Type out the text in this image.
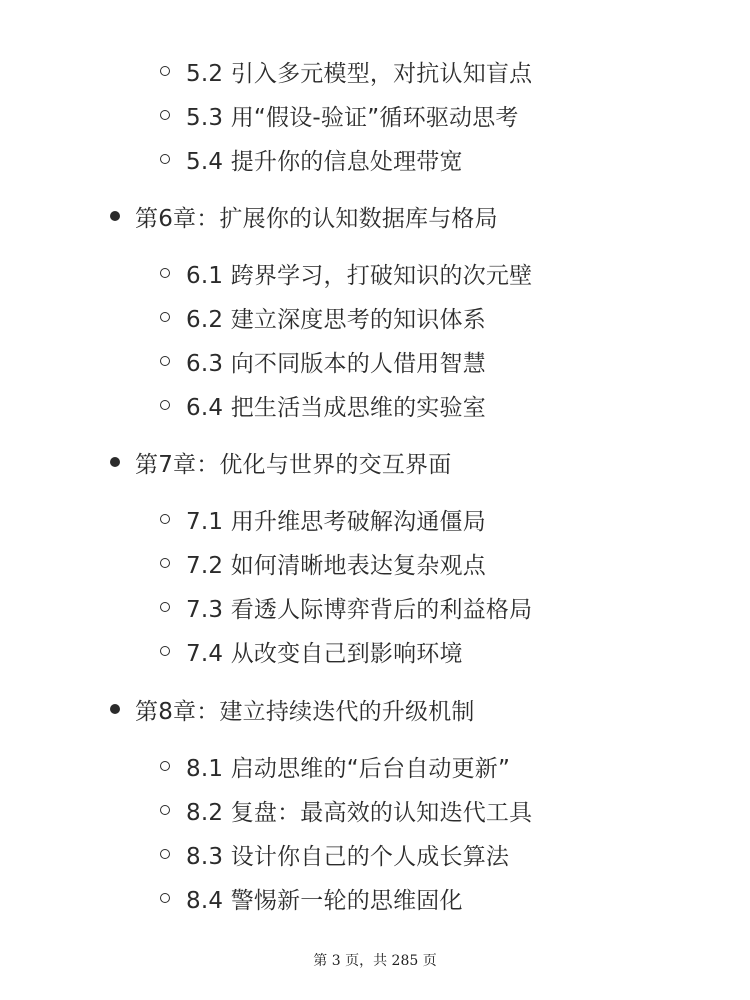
5.2 引入多元模型，对抗认知盲点
5.3 用“假设-验证”循环驱动思考
5.4 提升你的信息处理带宽
第6章：扩展你的认知数据库与格局
6.1 跨界学习，打破知识的次元壁
6.2 建立深度思考的知识体系
6.3 向不同版本的人借用智慧
6.4 把生活当成思维的实验室
第7章：优化与世界的交互界面
7.1 用升维思考破解沟通僵局
7.2 如何清晰地表达复杂观点
7.3 看透人际博弈背后的利益格局
7.4 从改变自己到影响环境
第8章：建立持续迭代的升级机制
8.1 启动思维的“后台自动更新”
8.2 复盘：最高效的认知迭代工具
8.3 设计你自己的个人成长算法
8.4 警惕新一轮的思维固化
第 3 页，共 285 页
